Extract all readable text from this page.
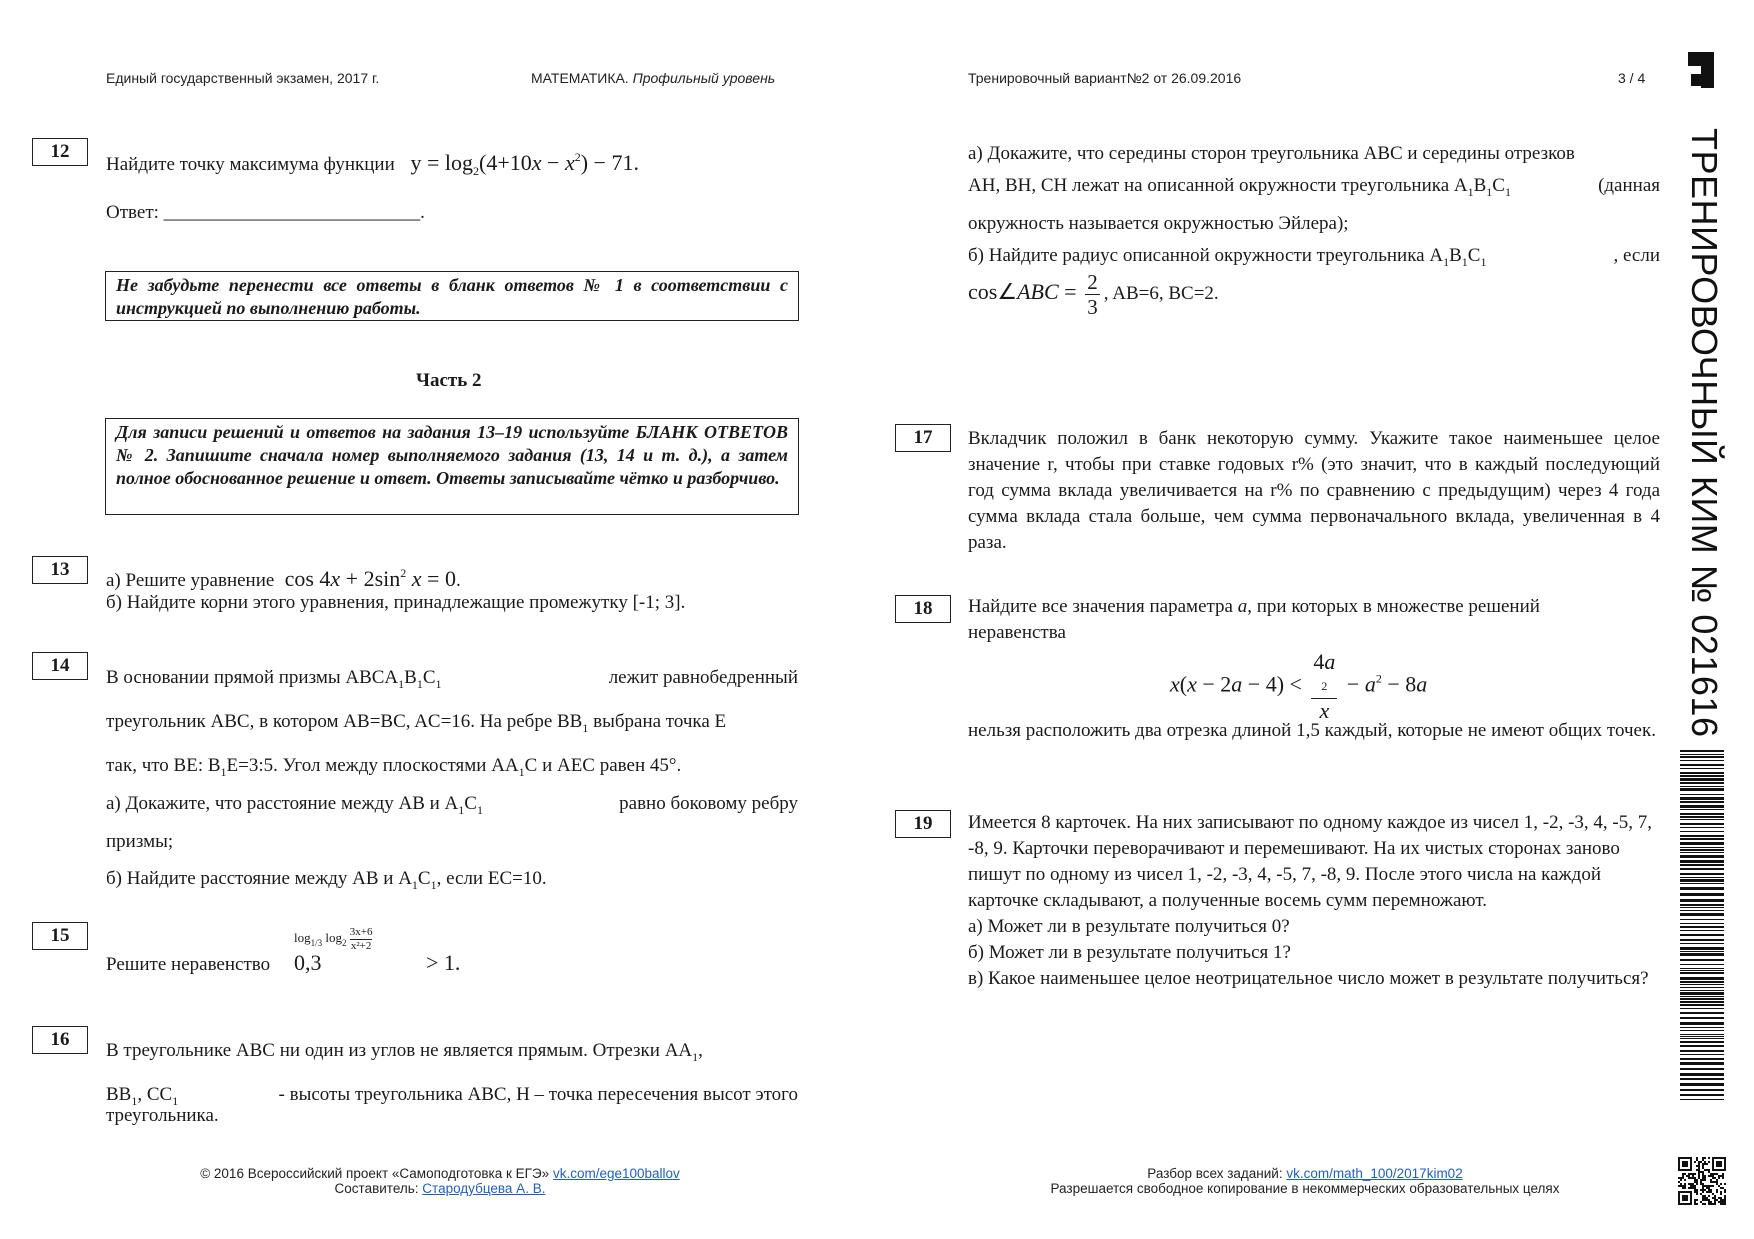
Единый государственный экзамен, 2017 г.	МАТЕМАТИКА. Профильный уровень	Тренировочный вариант№2 от 26.09.2016	3 / 4
ТРЕНИРОВОЧНЫЙ КИМ № 021616
12
Найдите точку максимума функции   $y = \log_2(4+10x - x^2) - 71$.
Ответ: ___________________________.
Не забудьте перенести все ответы в бланк ответов № 1 в соответствии с инструкцией по выполнению работы.
Часть 2
Для записи решений и ответов на задания 13–19 используйте БЛАНК ОТВЕТОВ № 2. Запишите сначала номер выполняемого задания (13, 14 и т. д.), а затем полное обоснованное решение и ответ. Ответы записывайте чётко и разборчиво.
13
а) Решите уравнение  $\cos 4x + 2\sin^2$ x = 0.
б) Найдите корни этого уравнения, принадлежащие промежутку [-1; 3].
14
В основании прямой призмы $ABCA_1B_1C_1$	лежит равнобедренный
треугольник ABC, в котором AB=BC, AC=16. На ребре $BB_1$ выбрана точка E
так, что BE: $B_1E=3:5$. Угол между плоскостями $AA_1C$ и AEC равен 45°.
а) Докажите, что расстояние между AB и $A_1C_1$	равно боковому ребру
призмы;
б) Найдите расстояние между AB и $A_1C_1$, если EC=10.
15
Решите неравенство
$\log_{1/3} \log_2 \frac{3x+6}{\text{x²+2}}$
0,3	> 1.
16
В треугольнике ABC ни один из углов не является прямым. Отрезки $AA_1$,
$BB_1$, $CC_1$	- высоты треугольника ABC, H – точка пересечения высот этого
треугольника.
а) Докажите, что середины сторон треугольника ABC и середины отрезков
AH, BH, CH лежат на описанной окружности треугольника $A_1B_1C_1$	(данная
окружность называется окружностью Эйлера);
б) Найдите радиус описанной окружности треугольника $A_1B_1C_1$	, если
cos∠ABC = $\frac{2}{3}$ , AB=6, BC=2.
17	Вкладчик положил в банк некоторую сумму. Укажите такое наименьшее целое значение r, чтобы при ставке годовых r% (это значит, что в каждый последующий год сумма вклада увеличивается на r% по сравнению с предыдущим) через 4 года сумма вклада стала больше, чем сумма первоначального вклада, увеличенная в 4 раза.
18	Найдите все значения параметра a, при которых в множестве решений
неравенства
x(x − 2a − 4) < 4a
2
$x - a^2 - 8a$
нельзя расположить два отрезка длиной 1,5 каждый, которые не имеют общих точек.
19	Имеется 8 карточек. На них записывают по одному каждое из чисел 1, -2, -3, 4, -5, 7, -8, 9. Карточки переворачивают и перемешивают. На их чистых сторонах заново пишут по одному из чисел 1, -2, -3, 4, -5, 7, -8, 9. После этого числа на каждой карточке складывают, а полученные восемь сумм перемножают.
а) Может ли в результате получиться 0?
б) Может ли в результате получиться 1?
в) Какое наименьшее целое неотрицательное число может в результате получиться?
© 2016 Всероссийский проект «Самоподготовка к ЕГЭ» vk.com/ege100ballov
Составитель: Стародубцева А. В.
Разбор всех заданий: vk.com/math_100/2017kim02
Разрешается свободное копирование в некоммерческих образовательных целях
